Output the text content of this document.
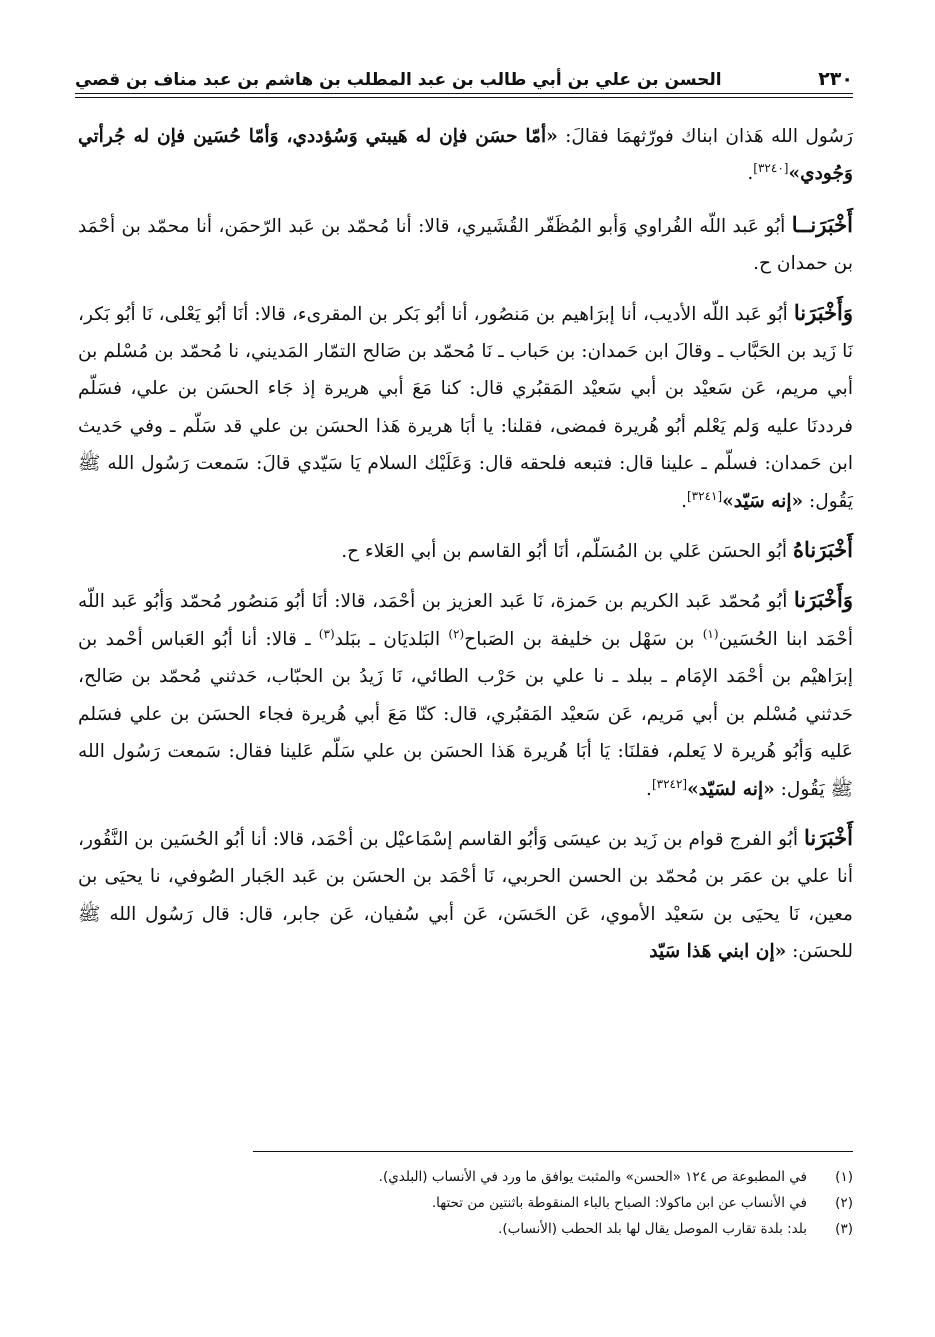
٢٣٠
الحسن بن علي بن أبي طالب بن عبد المطلب بن هاشم بن عبد مناف بن قصي

رَسُول الله هَذان ابناك فورّثهمَا فقالَ: «أمّا حسَن فإن له هَيبتي وَسُؤددي، وَأمّا حُسَين فإن له جُرأتي وَجُودي»[٣٢٤٠].

أَخْبَرَنــا أبُو عَبد اللّه الفُراوي وَأبو المُظَفّر القُشَيري، قالا: أنا مُحمّد بن عَبد الرّحمَن، أنا محمّد بن أحْمَد بن حمدان ح.

وَأَخْبَرَنا أبُو عَبد اللّه الأديب، أنا إبرَاهيم بن مَنصُور، أنا أبُو بَكر بن المقرىء، قالا: أنَا أبُو يَعْلى، نَا أبُو بَكر، نَا زَيد بن الحَبَّاب ـ وقالَ ابن حَمدان: بن حَباب ـ نَا مُحمّد بن صَالح التمّار المَديني، نا مُحمّد بن مُسْلم بن أبي مريم، عَن سَعيْد بن أبي سَعيْد المَقبُري قال: كنا مَعَ أبي هريرة إذ جَاء الحسَن بن علي، فسَلّم فرددنَا عليه وَلم يَعْلم أبُو هُريرة فمضى، فقلنا: يا أبَا هريرة هَذا الحسَن بن علي قد سَلّم ـ وفي حَديث ابن حَمدان: فسلّم ـ علينا قال: فتبعه فلحقه قال: وَعَلَيْك السلام يَا سَيّدي قالَ: سَمعت رَسُول الله ﷺ يَقُول: «إنه سَيّد»[٣٢٤١].

أَخْبَرَناهُ أبُو الحسَن عَلي بن المُسَلّم، أنَا أبُو القاسم بن أبي العَلاء ح.

وَأَخْبَرَنا أبُو مُحمّد عَبد الكريم بن حَمزة، نَا عَبد العزيز بن أحْمَد، قالا: أنَا أبُو مَنصُور مُحمّد وَأبُو عَبد اللّه أحْمَد ابنا الحُسَين$^{(١)}$ بن سَهْل بن خليفة بن الصَباح$^{(٢)}$ البَلديَان ـ ببَلد$^{(٣)}$ ـ قالا: أنا أبُو العَباس أحْمد بن إبرَاهيْم بن أحْمَد الإمَام ـ ببلد ـ نا علي بن حَرْب الطائي، نَا زَيدُ بن الحبّاب، حَدثني مُحمّد بن صَالح، حَدثني مُسْلم بن أبي مَريم، عَن سَعيْد المَقبُري، قال: كنّا مَعَ أبي هُريرة فجاء الحسَن بن علي فسَلم عَليه وَأبُو هُريرة لا يَعلم، فقلنَا: يَا أبَا هُريرة هَذا الحسَن بن علي سَلّم عَلينا فقال: سَمعت رَسُول الله ﷺ يَقُول: «إنه لسَيّد»[٣٢٤٢].

أَخْبَرَنا أبُو الفرج قوام بن زَيد بن عيسَى وَأبُو القاسم إسْمَاعيْل بن أحْمَد، قالا: أنا أبُو الحُسَين بن النَّقُور، أنا علي بن عمَر بن مُحمّد بن الحسن الحربي، نَا أحْمَد بن الحسَن بن عَبد الجَبار الصُوفي، نا يحيَى بن معين، نَا يحيَى بن سَعيْد الأموي، عَن الحَسَن، عَن أبي سُفيان، عَن جابر، قال: قال رَسُول الله ﷺ للحسَن: «إن ابني هَذا سَيّد

(١)
في المطبوعة ص ١٢٤ «الحسن» والمثبت يوافق ما ورد في الأنساب (البلدي).
(٢)
في الأنساب عن ابن ماكولا: الصباح بالباء المنقوطة باثنتين من تحتها.
(٣)
بلد: بلدة تقارب الموصل يقال لها بلد الحطب (الأنساب).
